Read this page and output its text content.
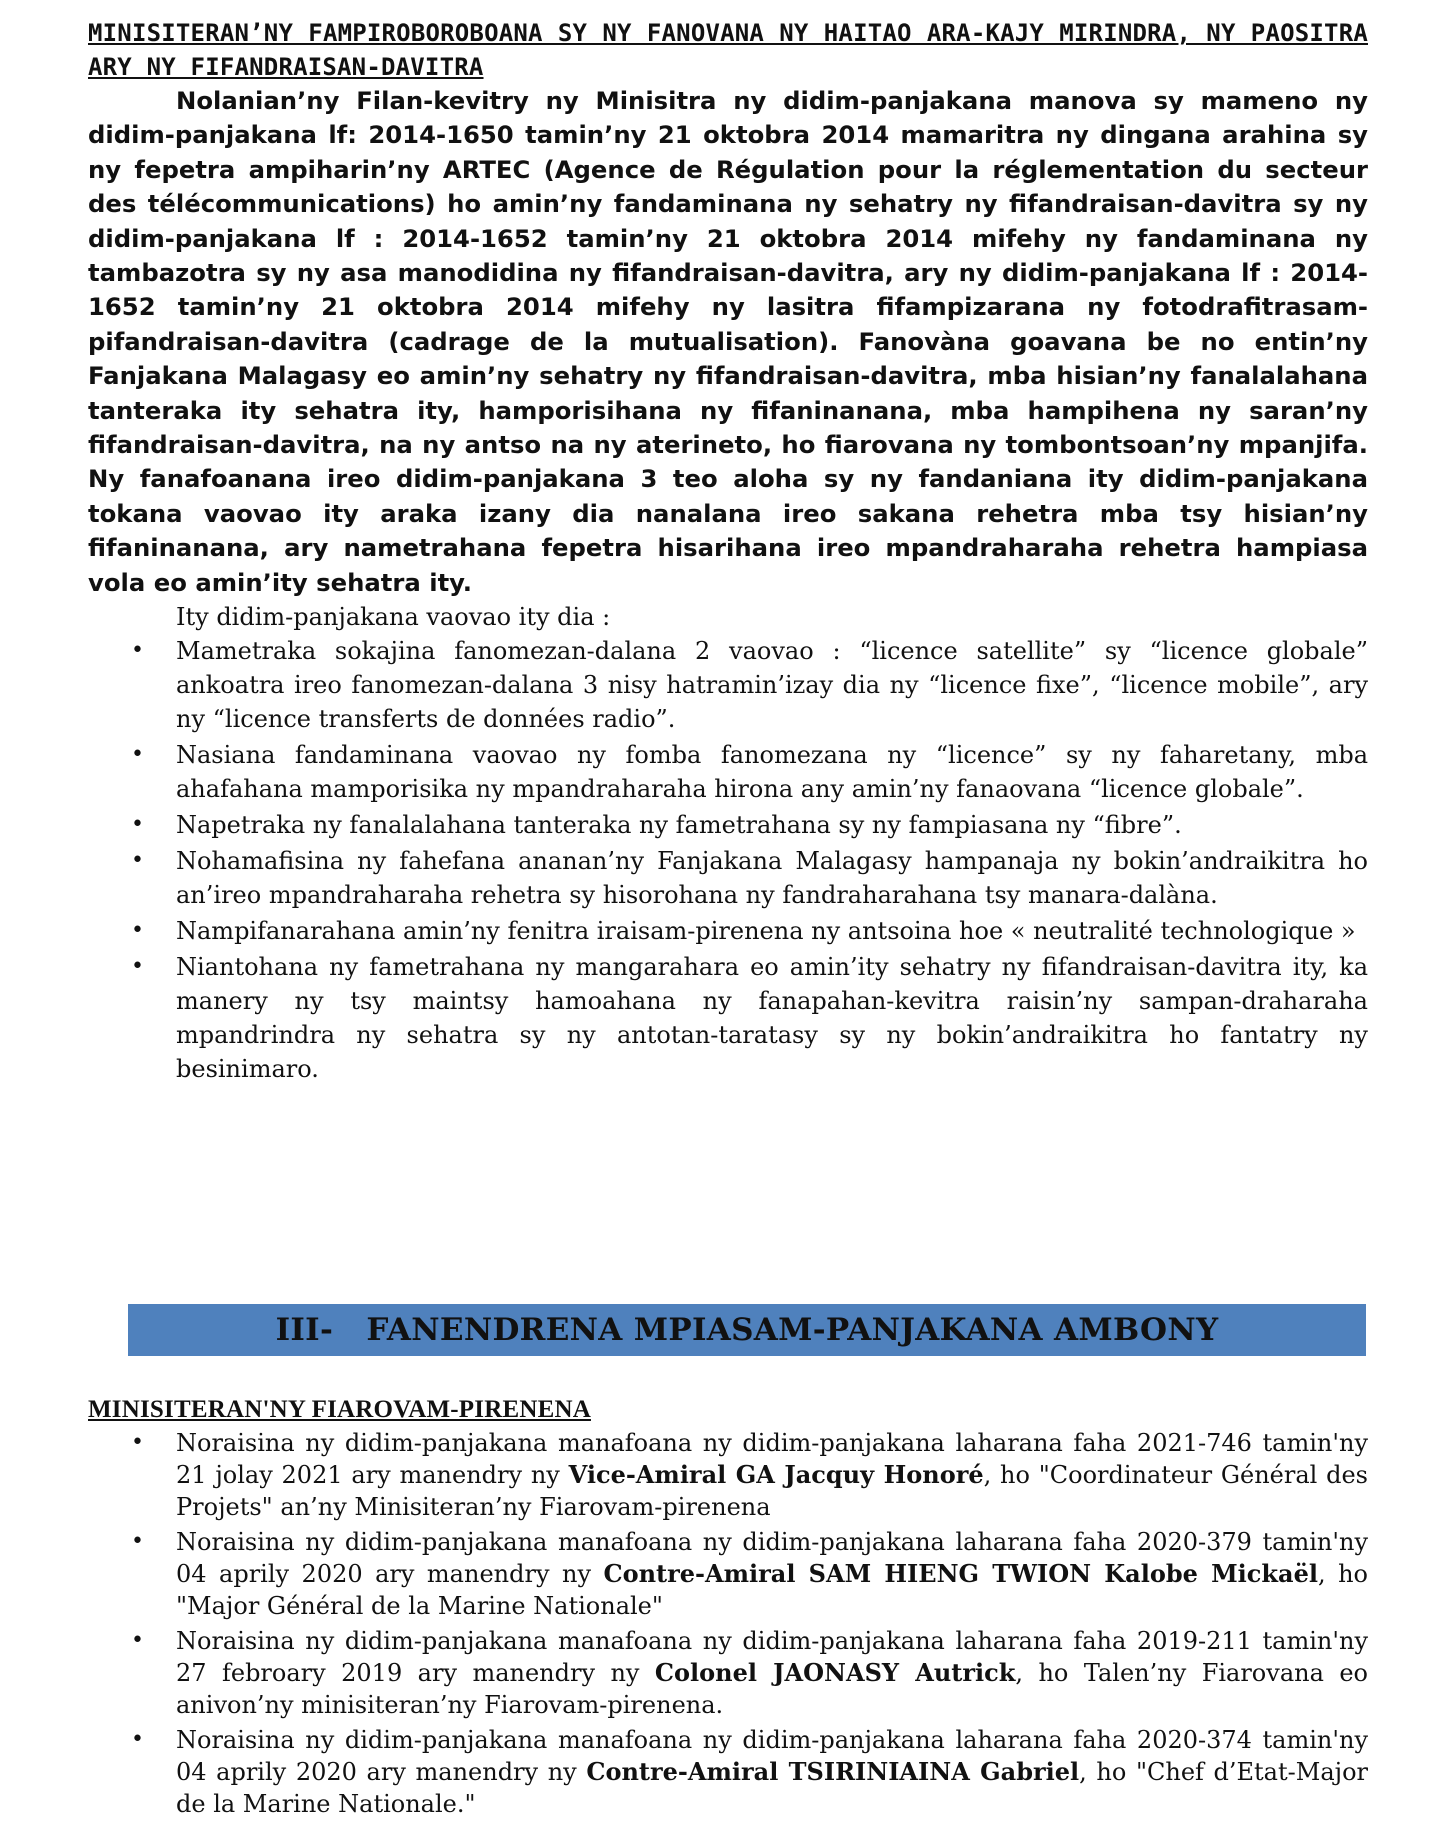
MINISITERAN’NY FAMPIROBOROBOANA SY NY FANOVANA NY HAITAO ARA-KAJY MIRINDRA, NY PAOSITRA ARY NY FIFANDRAISAN-DAVITRA

Nolanian’ny Filan-kevitry ny Minisitra ny didim-panjakana manova sy mameno ny didim-panjakana lf: 2014-1650 tamin’ny 21 oktobra 2014 mamaritra ny dingana arahina sy ny fepetra ampiharin’ny ARTEC (Agence de Régulation pour la réglementation du secteur des télécommunications) ho amin’ny fandaminana ny sehatry ny fifandraisan-davitra sy ny didim-panjakana lf : 2014-1652 tamin’ny 21 oktobra 2014 mifehy ny fandaminana ny tambazotra sy ny asa manodidina ny fifandraisan-davitra, ary ny didim-panjakana lf : 2014-1652 tamin’ny 21 oktobra 2014 mifehy ny lasitra fifampizarana ny fotodrafitrasam-pifandraisan-davitra (cadrage de la mutualisation). Fanovàna goavana be no entin’ny Fanjakana Malagasy eo amin’ny sehatry ny fifandraisan-davitra, mba hisian’ny fanalalahana tanteraka ity sehatra ity, hamporisihana ny fifaninanana, mba hampihena ny saran’ny fifandraisan-davitra, na ny antso na ny aterineto, ho fiarovana ny tombontsoan’ny mpanjifa. Ny fanafoanana ireo didim-panjakana 3 teo aloha sy ny fandaniana ity didim-panjakana tokana vaovao ity araka izany dia nanalana ireo sakana rehetra mba tsy hisian’ny fifaninanana, ary nametrahana fepetra hisarihana ireo mpandraharaha rehetra hampiasa vola eo amin’ity sehatra ity.

Ity didim-panjakana vaovao ity dia :

• Mametraka sokajina fanomezan-dalana 2 vaovao : “licence satellite” sy “licence globale” ankoatra ireo fanomezan-dalana 3 nisy hatramin’izay dia ny “licence fixe”, “licence mobile”, ary ny “licence transferts de données radio”.
• Nasiana fandaminana vaovao ny fomba fanomezana ny “licence” sy ny faharetany, mba ahafahana mamporisika ny mpandraharaha hirona any amin’ny fanaovana “licence globale”.
• Napetraka ny fanalalahana tanteraka ny fametrahana sy ny fampiasana ny “fibre”.
• Nohamafisina ny fahefana ananan’ny Fanjakana Malagasy hampanaja ny bokin’andraikitra ho an’ireo mpandraharaha rehetra sy hisorohana ny fandraharahana tsy manara-dalàna.
• Nampifanarahana amin’ny fenitra iraisam-pirenena ny antsoina hoe « neutralité technologique »
• Niantohana ny fametrahana ny mangarahara eo amin’ity sehatry ny fifandraisan-davitra ity, ka manery ny tsy maintsy hamoahana ny fanapahan-kevitra raisin’ny sampan-draharaha mpandrindra ny sehatra sy ny antotan-taratasy sy ny bokin’andraikitra ho fantatry ny besinimaro.
III-
FANENDRENA MPIASAM-PANJAKANA AMBONY

MINISITERAN'NY FIAROVAM-PIRENENA

• Noraisina ny didim-panjakana manafoana ny didim-panjakana laharana faha 2021-746 tamin'ny 21 jolay 2021 ary manendry ny Vice-Amiral GA Jacquy Honoré, ho "Coordinateur Général des Projets" an’ny Minisiteran’ny Fiarovam-pirenena
• Noraisina ny didim-panjakana manafoana ny didim-panjakana laharana faha 2020-379 tamin'ny 04 aprily 2020 ary manendry ny Contre-Amiral SAM HIENG TWION Kalobe Mickaël, ho "Major Général de la Marine Nationale"
• Noraisina ny didim-panjakana manafoana ny didim-panjakana laharana faha 2019-211 tamin'ny 27 febroary 2019 ary manendry ny Colonel JAONASY Autrick, ho Talen’ny Fiarovana eo anivon’ny minisiteran’ny Fiarovam-pirenena.
• Noraisina ny didim-panjakana manafoana ny didim-panjakana laharana faha 2020-374 tamin'ny 04 aprily 2020 ary manendry ny Contre-Amiral TSIRINIAINA Gabriel, ho "Chef d’Etat-Major de la Marine Nationale."
